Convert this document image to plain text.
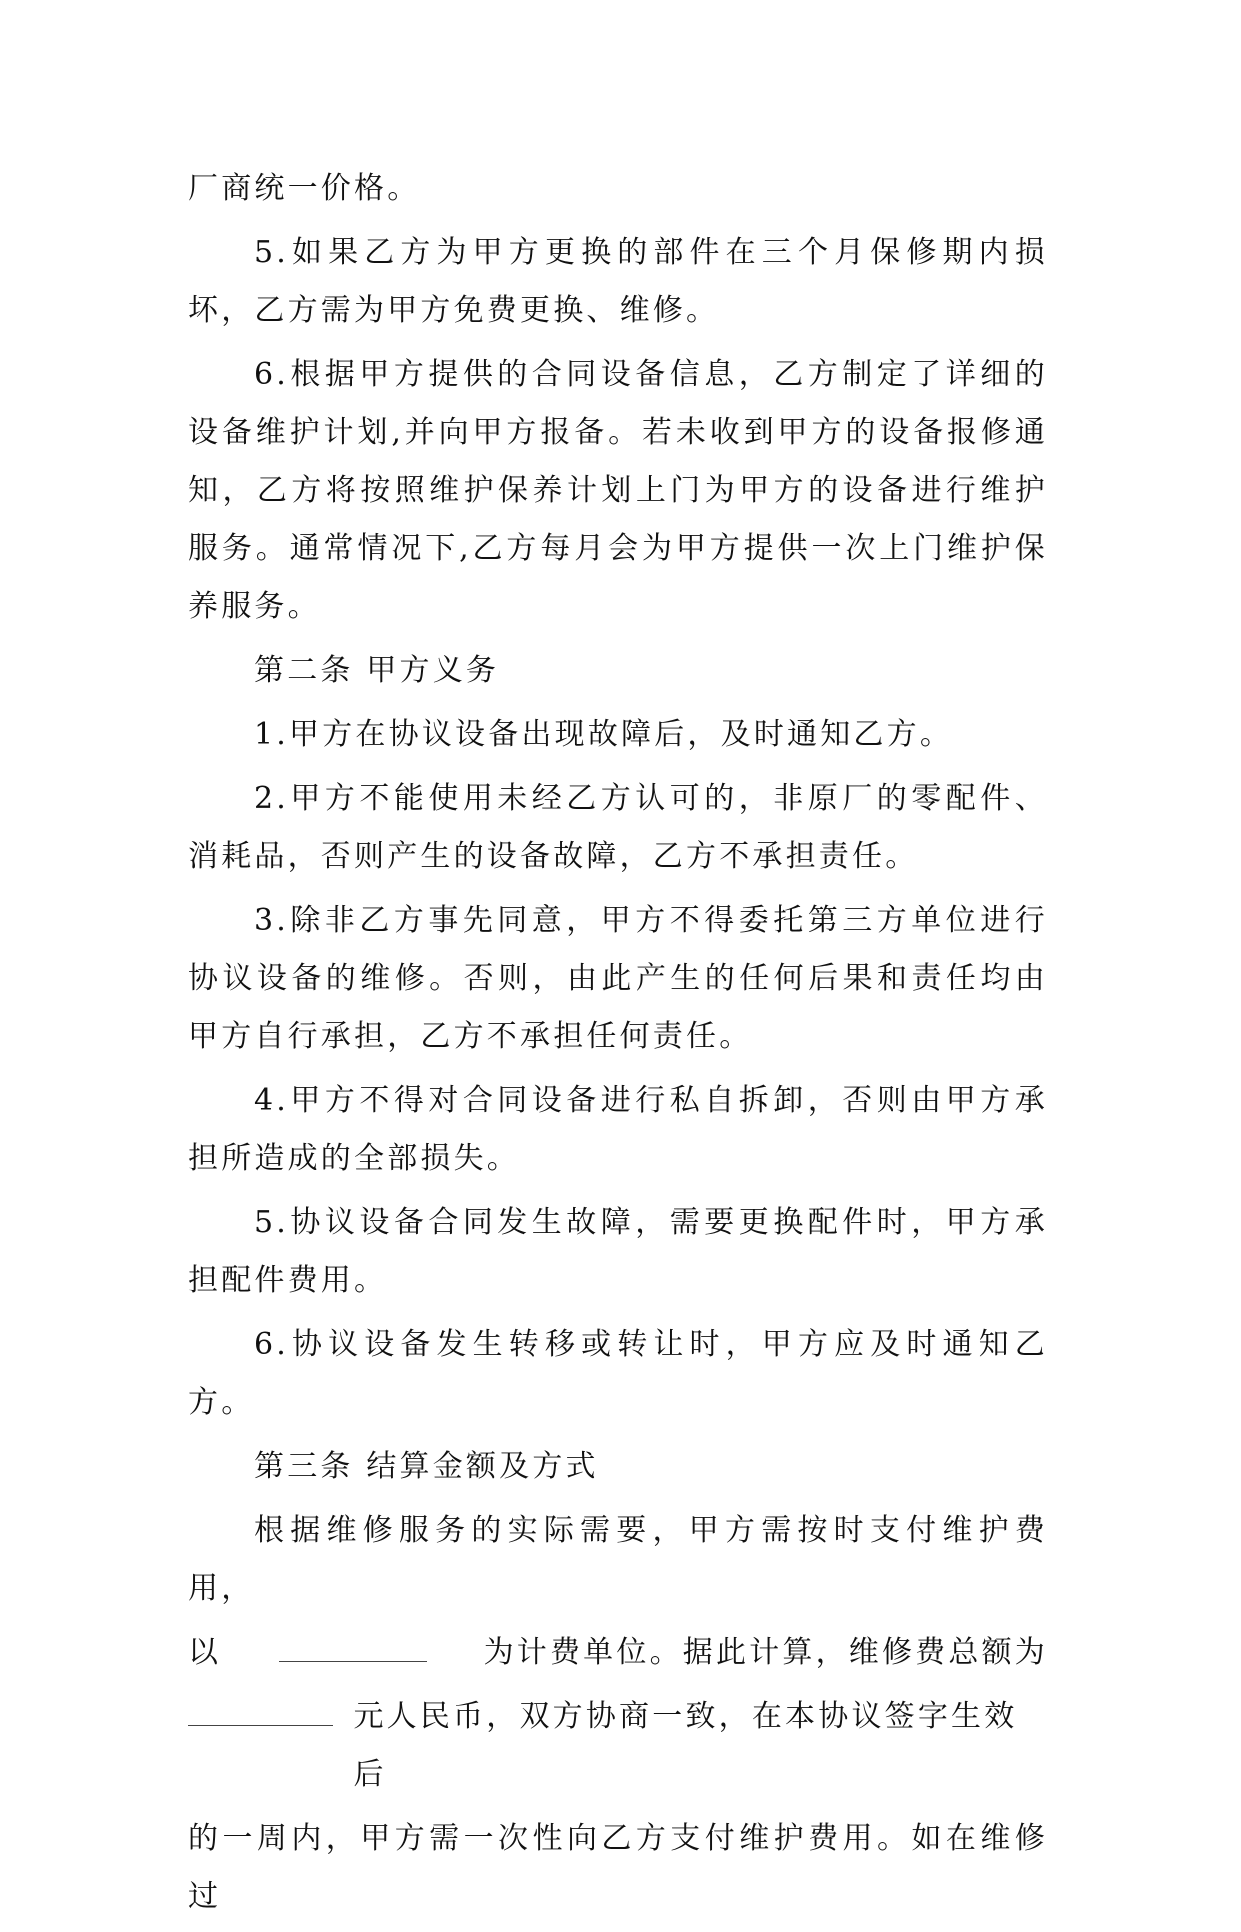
厂商统一价格。

5.如果乙方为甲方更换的部件在三个月保修期内损坏，乙方需为甲方免费更换、维修。

6.根据甲方提供的合同设备信息，乙方制定了详细的设备维护计划,并向甲方报备。若未收到甲方的设备报修通知，乙方将按照维护保养计划上门为甲方的设备进行维护服务。通常情况下,乙方每月会为甲方提供一次上门维护保养服务。

第二条 甲方义务

1.甲方在协议设备出现故障后，及时通知乙方。

2.甲方不能使用未经乙方认可的，非原厂的零配件、消耗品，否则产生的设备故障，乙方不承担责任。

3.除非乙方事先同意，甲方不得委托第三方单位进行协议设备的维修。否则，由此产生的任何后果和责任均由甲方自行承担，乙方不承担任何责任。

4.甲方不得对合同设备进行私自拆卸，否则由甲方承担所造成的全部损失。

5.协议设备合同发生故障，需要更换配件时，甲方承担配件费用。

6.协议设备发生转移或转让时，甲方应及时通知乙方。

第三条 结算金额及方式

根据维修服务的实际需要，甲方需按时支付维护费用，

以	为计费单位。据此计算，维修费总额为
元人民币，双方协商一致，在本协议签字生效后

的一周内，甲方需一次性向乙方支付维护费用。如在维修过
